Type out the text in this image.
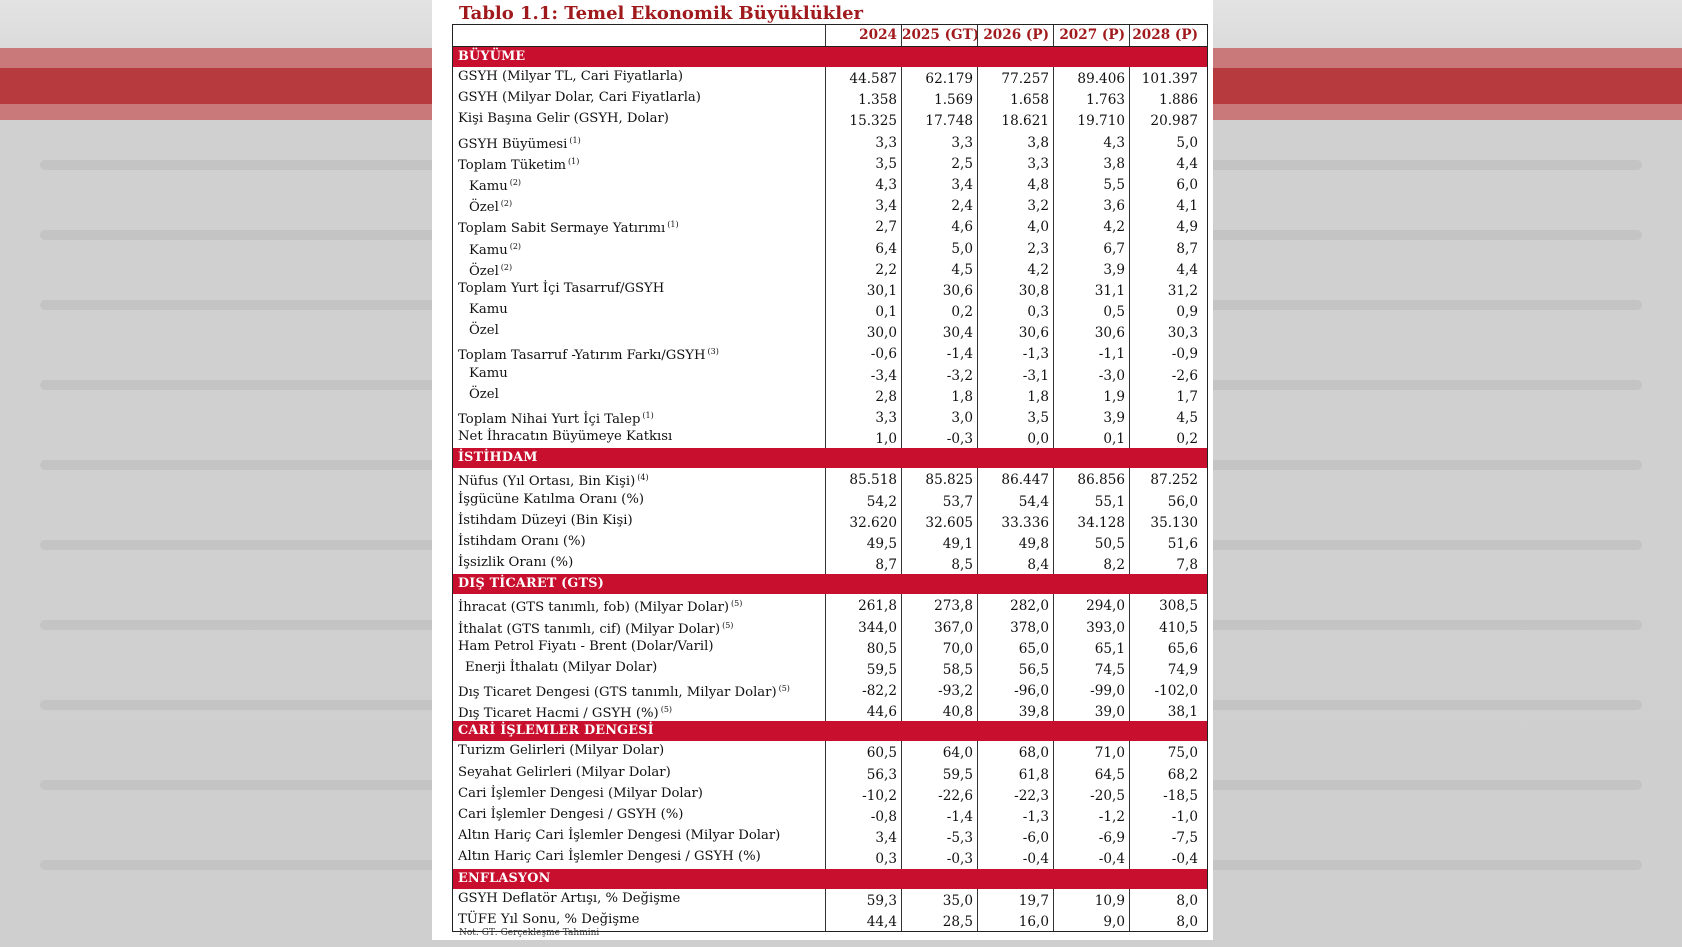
Tablo 1.1: Temel Ekonomik Büyüklükler
2024 2025 (GT) 2026 (P) 2027 (P) 2028 (P)
BÜYÜME
GSYH (Milyar TL, Cari Fiyatlarla)	44.587	62.179	77.257	89.406	101.397
GSYH (Milyar Dolar, Cari Fiyatlarla)	1.358	1.569	1.658	1.763	1.886
Kişi Başına Gelir (GSYH, Dolar)	15.325	17.748	18.621	19.710	20.987
GSYH Büyümesi $^{(1)}$	3,3	3,3	3,8	4,3	5,0
Toplam Tüketim $^{(1)}$	3,5	2,5	3,3	3,8	4,4
Kamu $^{(2)}$	4,3	3,4	4,8	5,5	6,0
Özel $^{(2)}$	3,4	2,4	3,2	3,6	4,1
Toplam Sabit Sermaye Yatırımı $^{(1)}$	2,7	4,6	4,0	4,2	4,9
Kamu $^{(2)}$	6,4	5,0	2,3	6,7	8,7
Özel $^{(2)}$	2,2	4,5	4,2	3,9	4,4
Toplam Yurt İçi Tasarruf/GSYH	30,1	30,6	30,8	31,1	31,2
Kamu	0,1	0,2	0,3	0,5	0,9
Özel	30,0	30,4	30,6	30,6	30,3
Toplam Tasarruf -Yatırım Farkı/GSYH $^{(3)}$	-0,6	-1,4	-1,3	-1,1	-0,9
Kamu	-3,4	-3,2	-3,1	-3,0	-2,6
Özel	2,8	1,8	1,8	1,9	1,7
Toplam Nihai Yurt İçi Talep $^{(1)}$	3,3	3,0	3,5	3,9	4,5
Net İhracatın Büyümeye Katkısı	1,0	-0,3	0,0	0,1	0,2
İSTİHDAM
Nüfus (Yıl Ortası, Bin Kişi) $^{(4)}$	85.518	85.825	86.447	86.856	87.252
İşgücüne Katılma Oranı (%)	54,2	53,7	54,4	55,1	56,0
İstihdam Düzeyi (Bin Kişi)	32.620	32.605	33.336	34.128	35.130
İstihdam Oranı (%)	49,5	49,1	49,8	50,5	51,6
İşsizlik Oranı (%)	8,7	8,5	8,4	8,2	7,8
DIŞ TİCARET (GTS)
İhracat (GTS tanımlı, fob) (Milyar Dolar) $^{(5)}$	261,8	273,8	282,0	294,0	308,5
İthalat (GTS tanımlı, cif) (Milyar Dolar) $^{(5)}$	344,0	367,0	378,0	393,0	410,5
Ham Petrol Fiyatı - Brent (Dolar/Varil)	80,5	70,0	65,0	65,1	65,6
Enerji İthalatı (Milyar Dolar)	59,5	58,5	56,5	74,5	74,9
Dış Ticaret Dengesi (GTS tanımlı, Milyar Dolar) $^{(5)}$	-82,2	-93,2	-96,0	-99,0	-102,0
Dış Ticaret Hacmi / GSYH (%) $^{(5)}$	44,6	40,8	39,8	39,0	38,1
CARİ İŞLEMLER DENGESİ
Turizm Gelirleri (Milyar Dolar)	60,5	64,0	68,0	71,0	75,0
Seyahat Gelirleri (Milyar Dolar)	56,3	59,5	61,8	64,5	68,2
Cari İşlemler Dengesi (Milyar Dolar)	-10,2	-22,6	-22,3	-20,5	-18,5
Cari İşlemler Dengesi / GSYH (%)	-0,8	-1,4	-1,3	-1,2	-1,0
Altın Hariç Cari İşlemler Dengesi (Milyar Dolar)	3,4	-5,3	-6,0	-6,9	-7,5
Altın Hariç Cari İşlemler Dengesi / GSYH (%)	0,3	-0,3	-0,4	-0,4	-0,4
ENFLASYON
GSYH Deflatör Artışı, % Değişme	59,3	35,0	19,7	10,9	8,0
TÜFE Yıl Sonu, % Değişme	44,4	28,5	16,0	9,0	8,0
Not: GT: Gerçekleşme Tahmini
